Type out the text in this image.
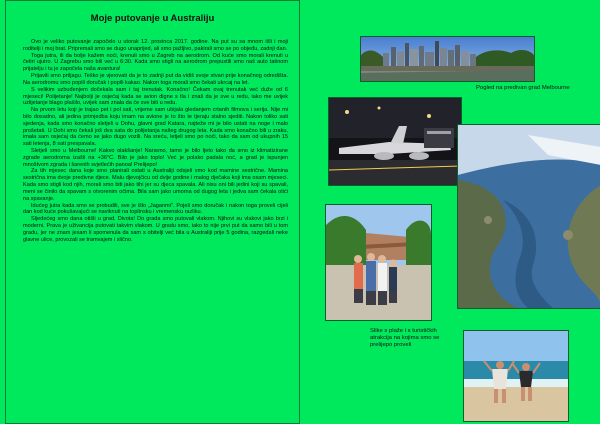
Moje putovanje u Australiju

Ovo je veliko putovanje započelo u utorak 12. prosinca 2017. godine. Na put su sa mnom išli i moji roditelji i moj brat. Pripremali smo se dugo unaprijed, ali smo pažljivo, pakirali smo se po objeđu, zadnji dan.

Toga jutra, ili da bolje kažem noći, krenuli smo u Zagreb na aerodrom. Od kuće smo morali krenuti u četiri ujutro. U Zagrebu smo bili već u 6:30. Kada smo stigli na aerodrom prepustili smo naš auto tatinom prijatelju i tu je započela naša avantura!

Prijavili smo prtljagu. Teško je vjerovati da je to zadnji put da vidiš svoje stvari prije konačnog odredišta. Na aerodromu smo popili doručak i popili kakao. Nakon toga morali smo čekati ukrcaj na let.

S velikim uzbuđenjem dočekala sam i taj trenutak. Konačno! Čekam ovaj trenutak već duže od 6 mjeseci! Polijetanje! Najbolji je osjećaj kada se avion digne s tla i znaš da je sve u redu, iako me uvijek uzlijetanje blago plašilo, uvijek sam znala da će sve biti u redu.

Na prvom letu koji je trajao pet i pol sati, vrijeme sam ubijala gledanjem crtanih filmova i serija. Nije mi bilo dosadno, ali jedina primjedba koju imam na avione je to što te tjeraju stalno sjediti. Nakon toliko sati sjedenja, kada smo konačno sletjeli u Dohu, glavni grad Katara, najteže mi je bilo ustati na noge i malo prošetati. U Dohi smo čekali još dva sata do polijetanja našeg drugog leta. Kada smo konačno bili u zraku, imala sam osjećaj da ćemo se jako dugo vozili. Na sreću, letjeli smo po noći, tako da sam od ukupnih 15 sati letenja, 8 sati prespavala.

Sletjeli smo u Melbourne! Kakvo olakšanje! Naravno, tamo je bilo ljeto tako da smo iz klimatizirane zgrade aerodroma izašli na +36°C. Bilo je jako toplo! Već je polako padala noć, a grad je ispunjen mnoštvom zgrada i šarenih svjetlećih panoa! Prelijepo!

Za tih mjesec dana koje smo planirali ostati u Australiji odsjeli smo kod mamine sestrične. Mamina sestrična ima dvoje predivne djece. Malu djevojčicu od dvije godine i malog dječaka koji ima osam mjeseci. Kada smo stigli kod njih, morali smo biti jako tihi jer su djeca spavala. Ali nisu oni bili jedini koji su spavali, meni se činilo da spavam s otvorenim očima. Bila sam jako umorna od dugog leta i jedva sam čekala otići na spavanje.

Idućeg jutra kada smo se probudili, sve je išlo „Jaganmi". Pojeli smo doručak i nakon toga proveli cijeli dan kod kuće pokušavajući se naviknuti na toplinsku i vremensku razliku.

Sljedećeg smo dana otišli u grad. Divota! Do grada smo putovali vlakom. Njihovi su vlakovi jako brzi i moderni. Prava je uživancija putovati takvim vlakom. U gradu smo, iako to nije prvi put da samo bili u tom gradu, jer ne znam jesam li spomenula da sam s obitelji već bila u Australiji prije 5 godina, razgedali neke glavne ulice, provozali se tramvajem i slično.

Pogled na predivan grad Melbourne
Slike s plaže i s turističkih atrakcija na kojima smo se prelijepo proveli
